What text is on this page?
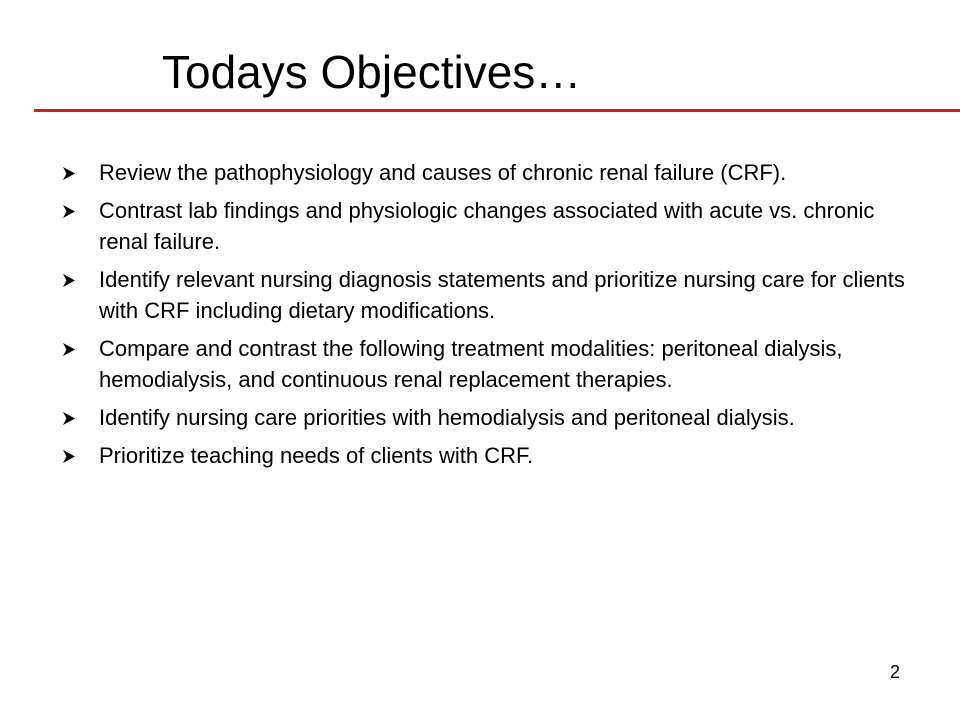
Todays Objectives…
Review the pathophysiology and causes of chronic renal failure (CRF).
Contrast lab findings and physiologic changes associated with acute vs. chronic renal failure.
Identify relevant nursing diagnosis statements and prioritize nursing care for clients with CRF including dietary modifications.
Compare and contrast the following treatment modalities: peritoneal dialysis, hemodialysis, and continuous renal replacement therapies.
Identify nursing care priorities with hemodialysis and peritoneal dialysis.
Prioritize teaching needs of clients with CRF.
2
